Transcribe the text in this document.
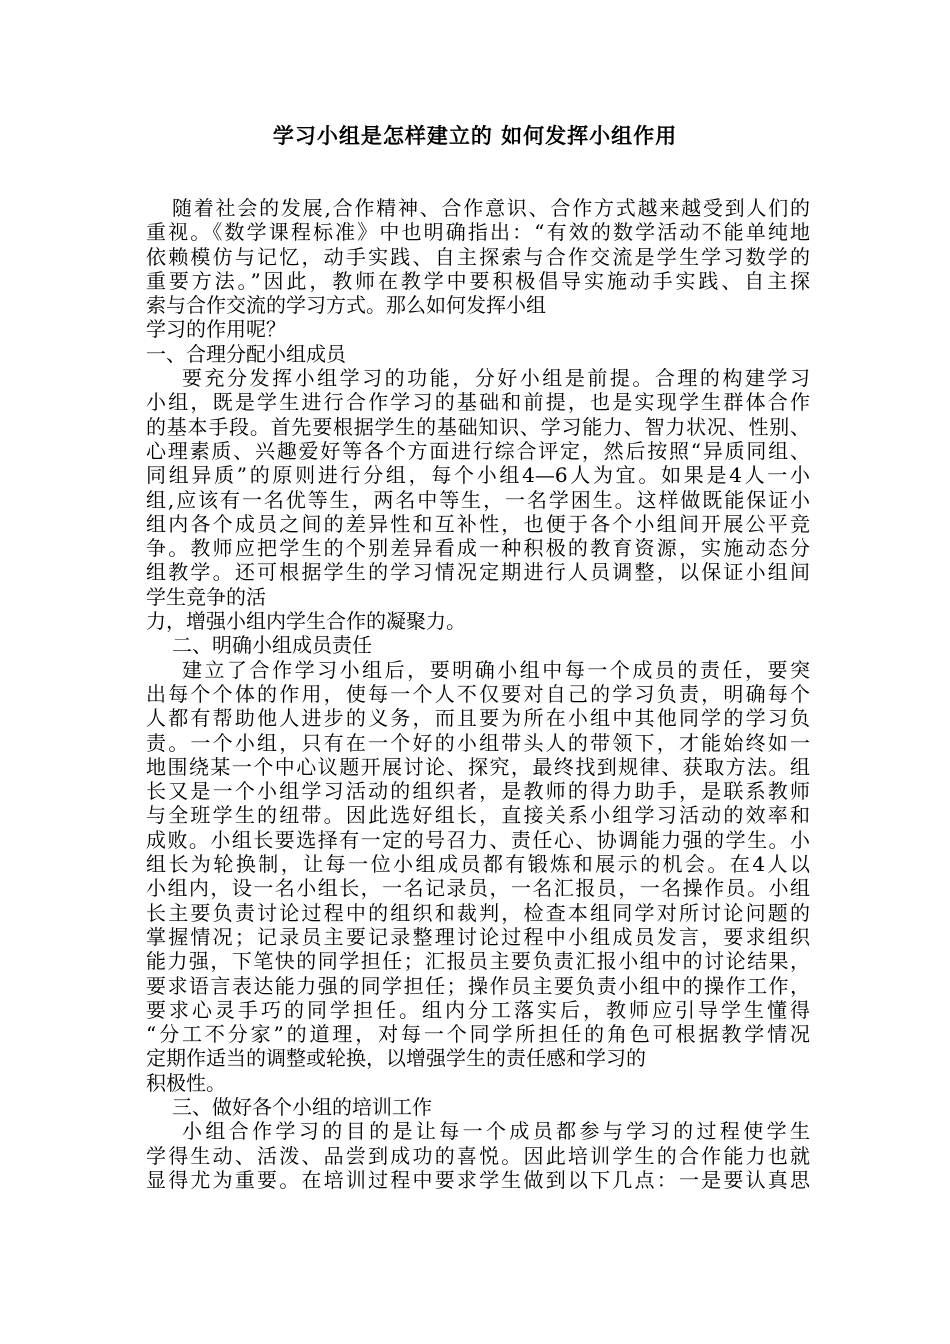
学习小组是怎样建立的 如何发挥小组作用
随着社会的发展,合作精神、合作意识、合作方式越来越受到人们的
重视。《数学课程标准》中也明确指出：“有效的数学活动不能单纯地
依赖模仿与记忆，动手实践、自主探索与合作交流是学生学习数学的
重要方法。”因此，教师在教学中要积极倡导实施动手实践、自主探
索与合作交流的学习方式。那么如何发挥小组
学习的作用呢？
一、合理分配小组成员
要充分发挥小组学习的功能，分好小组是前提。合理的构建学习
小组，既是学生进行合作学习的基础和前提，也是实现学生群体合作
的基本手段。首先要根据学生的基础知识、学习能力、智力状况、性别、
心理素质、兴趣爱好等各个方面进行综合评定，然后按照“异质同组、
同组异质”的原则进行分组，每个小组4—6人为宜。如果是4人一小
组,应该有一名优等生，两名中等生，一名学困生。这样做既能保证小
组内各个成员之间的差异性和互补性，也便于各个小组间开展公平竞
争。教师应把学生的个别差异看成一种积极的教育资源，实施动态分
组教学。还可根据学生的学习情况定期进行人员调整，以保证小组间
学生竞争的活
力，增强小组内学生合作的凝聚力。
二、明确小组成员责任
建立了合作学习小组后，要明确小组中每一个成员的责任，要突
出每个个体的作用，使每一个人不仅要对自己的学习负责，明确每个
人都有帮助他人进步的义务，而且要为所在小组中其他同学的学习负
责。一个小组，只有在一个好的小组带头人的带领下，才能始终如一
地围绕某一个中心议题开展讨论、探究，最终找到规律、获取方法。组
长又是一个小组学习活动的组织者，是教师的得力助手，是联系教师
与全班学生的纽带。因此选好组长，直接关系小组学习活动的效率和
成败。小组长要选择有一定的号召力、责任心、协调能力强的学生。小
组长为轮换制，让每一位小组成员都有锻炼和展示的机会。在4人以
小组内，设一名小组长，一名记录员，一名汇报员，一名操作员。小组
长主要负责讨论过程中的组织和裁判，检查本组同学对所讨论问题的
掌握情况；记录员主要记录整理讨论过程中小组成员发言，要求组织
能力强，下笔快的同学担任；汇报员主要负责汇报小组中的讨论结果，
要求语言表达能力强的同学担任；操作员主要负责小组中的操作工作，
要求心灵手巧的同学担任。组内分工落实后，教师应引导学生懂得
“分工不分家”的道理，对每一个同学所担任的角色可根据教学情况
定期作适当的调整或轮换，以增强学生的责任感和学习的
积极性。
三、做好各个小组的培训工作
小组合作学习的目的是让每一个成员都参与学习的过程使学生
学得生动、活泼、品尝到成功的喜悦。因此培训学生的合作能力也就
显得尤为重要。在培训过程中要求学生做到以下几点：一是要认真思
